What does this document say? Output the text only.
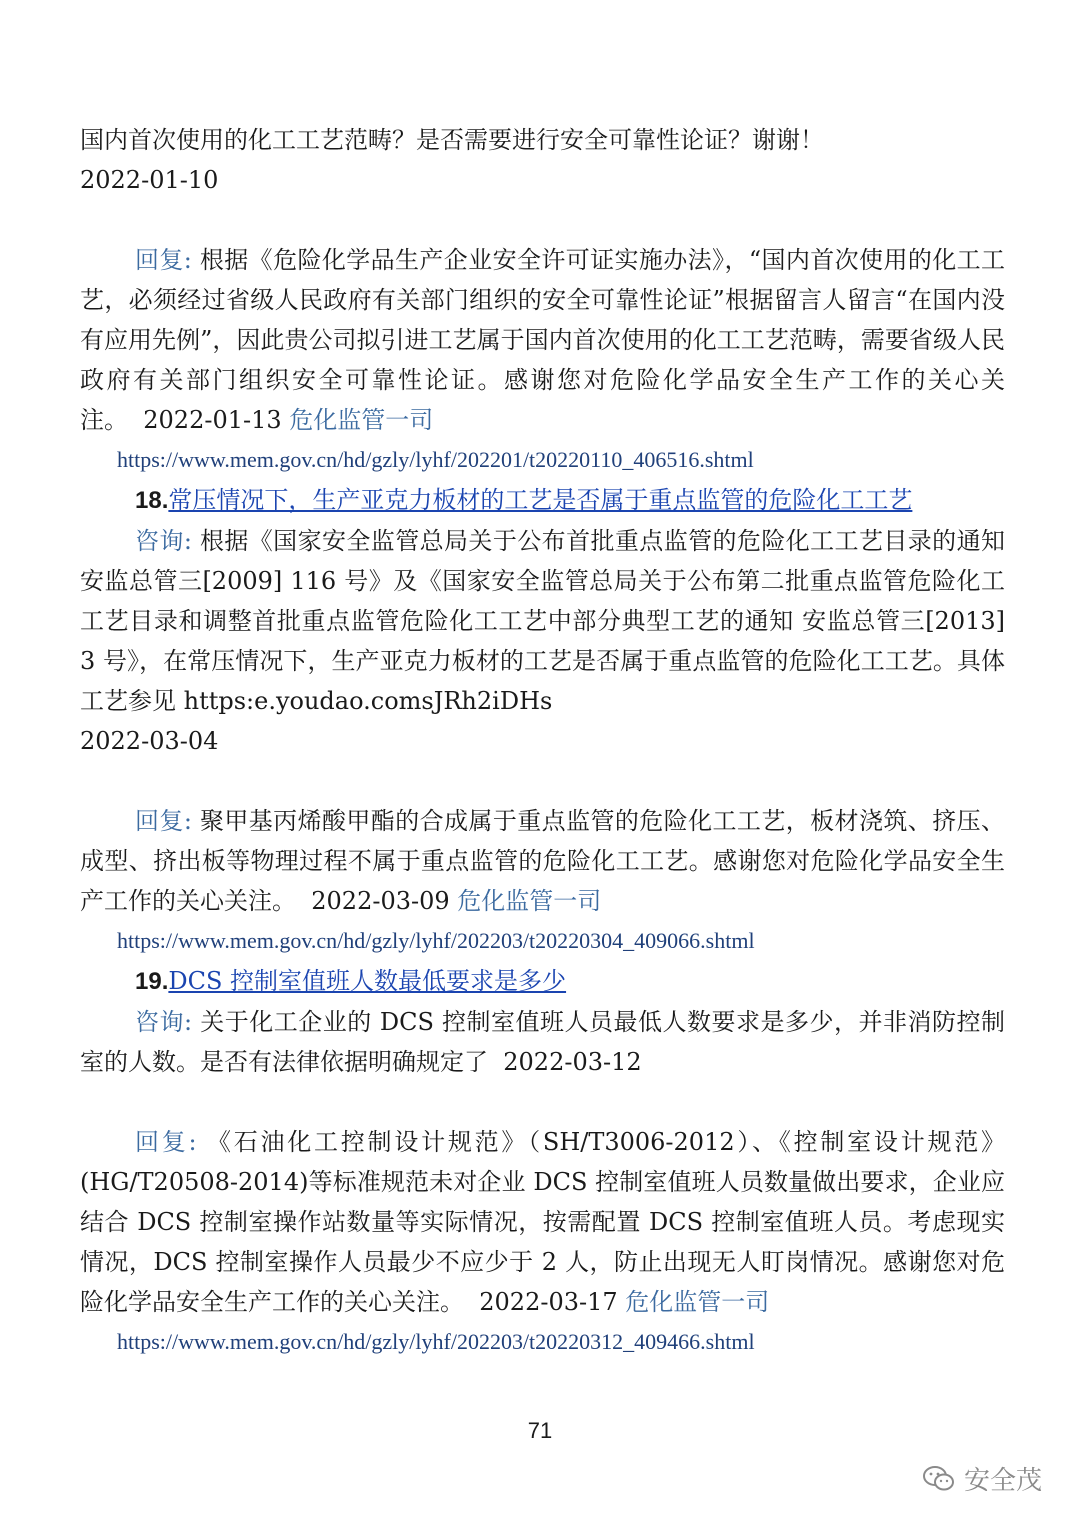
国内首次使用的化工工艺范畴？是否需要进行安全可靠性论证？谢谢！
2022-01-10
回复: 根据《危险化学品生产企业安全许可证实施办法》，“国内首次使用的化工工艺，必须经过省级人民政府有关部门组织的安全可靠性论证”根据留言人留言“在国内没有应用先例”，因此贵公司拟引进工艺属于国内首次使用的化工工艺范畴，需要省级人民政府有关部门组织安全可靠性论证。感谢您对危险化学品安全生产工作的关心关注。 2022-01-13 危化监管一司
https://www.mem.gov.cn/hd/gzly/lyhf/202201/t20220110_406516.shtml
18.常压情况下，生产亚克力板材的工艺是否属于重点监管的危险化工工艺
咨询: 根据《国家安全监管总局关于公布首批重点监管的危险化工工艺目录的通知安监总管三[2009] 116 号》及《国家安全监管总局关于公布第二批重点监管危险化工工艺目录和调整首批重点监管危险化工工艺中部分典型工艺的通知 安监总管三[2013] 3 号》，在常压情况下，生产亚克力板材的工艺是否属于重点监管的危险化工工艺。具体工艺参见 https:e.youdao.comsJRh2iDHs
2022-03-04
回复: 聚甲基丙烯酸甲酯的合成属于重点监管的危险化工工艺，板材浇筑、挤压、成型、挤出板等物理过程不属于重点监管的危险化工工艺。感谢您对危险化学品安全生产工作的关心关注。 2022-03-09 危化监管一司
https://www.mem.gov.cn/hd/gzly/lyhf/202203/t20220304_409066.shtml
19.DCS 控制室值班人数最低要求是多少
咨询: 关于化工企业的 DCS 控制室值班人员最低人数要求是多少，并非消防控制室的人数。是否有法律依据明确规定了 2022-03-12
回复: 《石油化工控制设计规范》（SH/T3006-2012）、《控制室设计规范》(HG/T20508-2014)等标准规范未对企业 DCS 控制室值班人员数量做出要求，企业应结合 DCS 控制室操作站数量等实际情况，按需配置 DCS 控制室值班人员。考虑现实情况，DCS 控制室操作人员最少不应少于 2 人，防止出现无人盯岗情况。感谢您对危险化学品安全生产工作的关心关注。 2022-03-17 危化监管一司
https://www.mem.gov.cn/hd/gzly/lyhf/202203/t20220312_409466.shtml
71
安全茂
